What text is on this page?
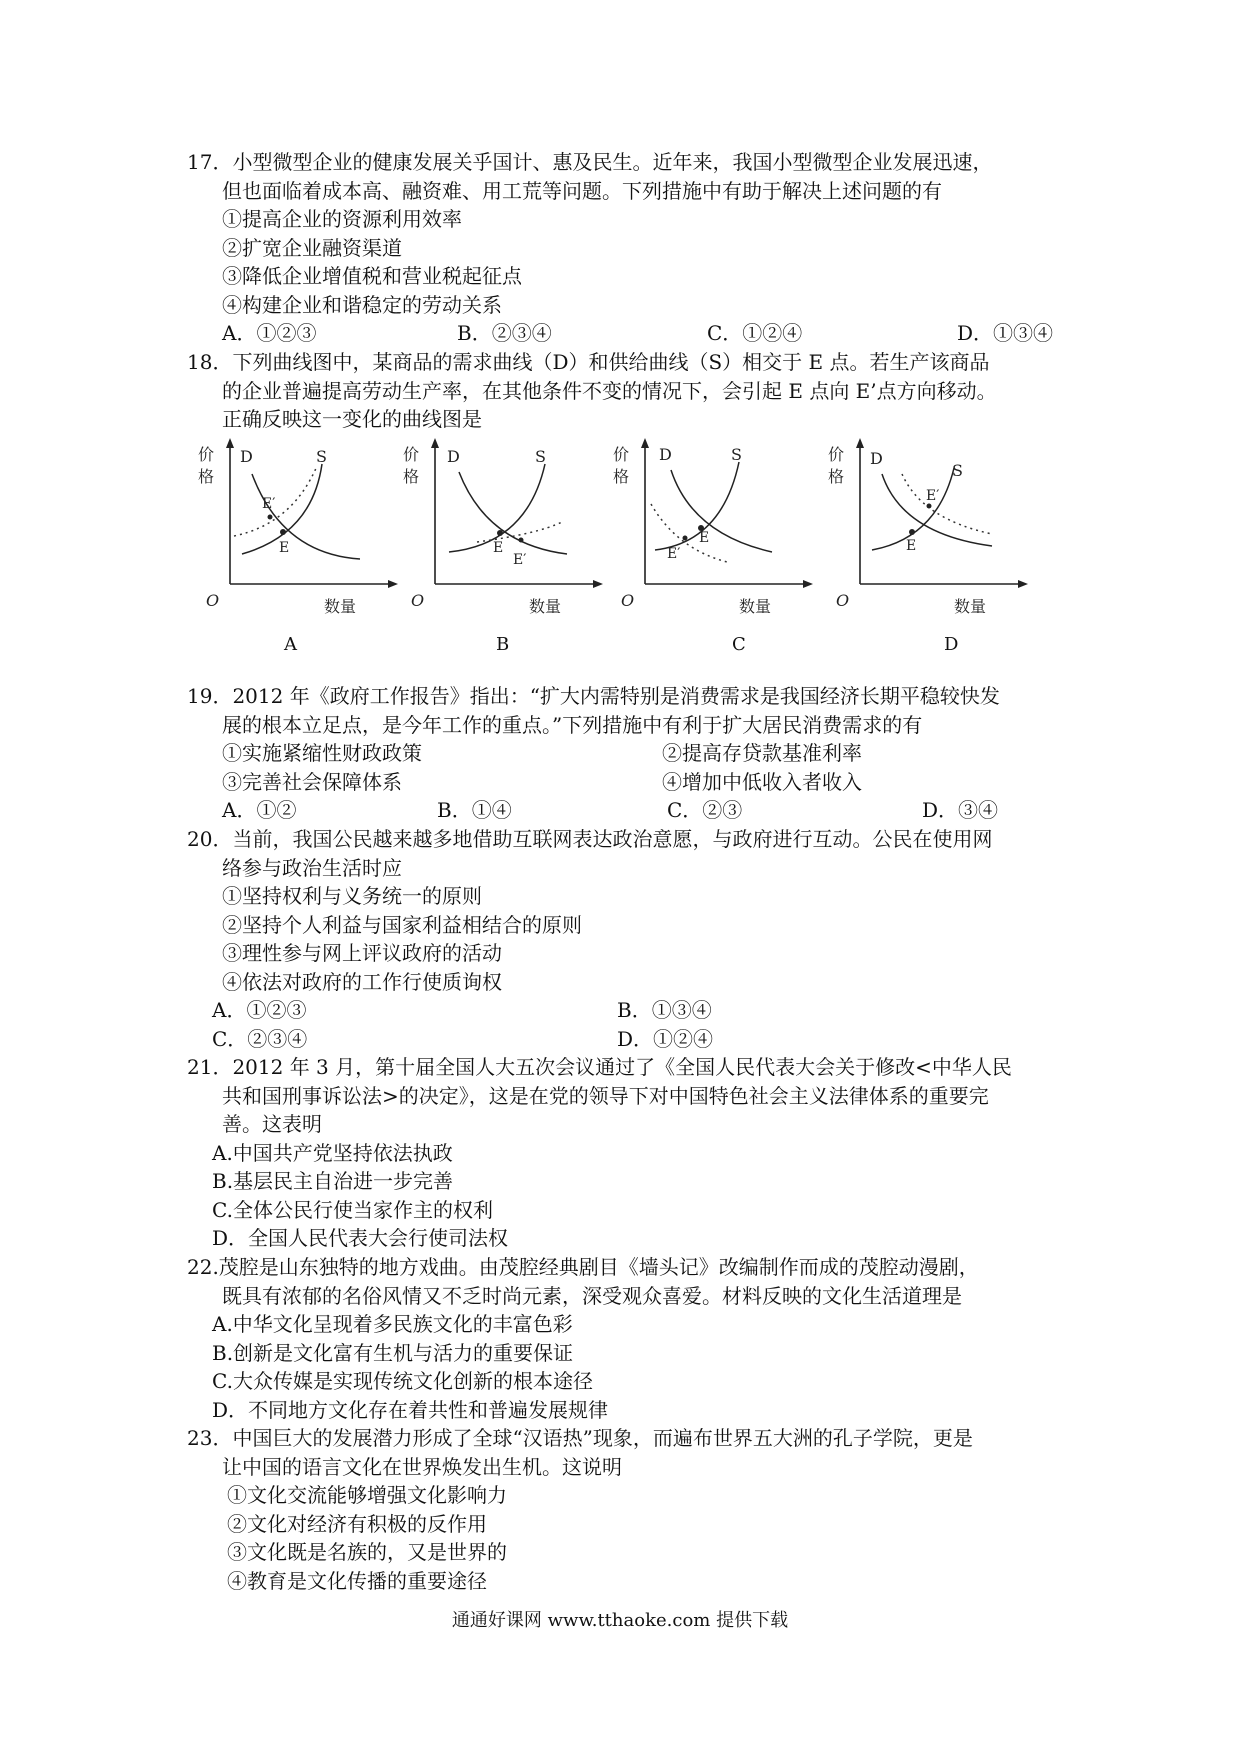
17．小型微型企业的健康发展关乎国计、惠及民生。近年来，我国小型微型企业发展迅速，
但也面临着成本高、融资难、用工荒等问题。下列措施中有助于解决上述问题的有
①提高企业的资源利用效率
②扩宽企业融资渠道
③降低企业增值税和营业税起征点
④构建企业和谐稳定的劳动关系
A．①②③	B．②③④	C．①②④	D．①③④
18．下列曲线图中，某商品的需求曲线（D）和供给曲线（S）相交于 E 点。若生产该商品
的企业普遍提高劳动生产率，在其他条件不变的情况下，会引起 E 点向 E’点方向移动。
正确反映这一变化的曲线图是
价
格
O	数量
D	S
E
E′
A
价
格
O	数量
D	S
E
E′
B
价
格
O	数量
D	S
E
E′
C
价
格
O	数量
D
S
E
E′
D
19．2012 年《政府工作报告》指出：“扩大内需特别是消费需求是我国经济长期平稳较快发
展的根本立足点，是今年工作的重点。”下列措施中有利于扩大居民消费需求的有
①实施紧缩性财政政策	②提高存贷款基准利率
③完善社会保障体系	④增加中低收入者收入
A．①②	B．①④	C．②③	D．③④
20．当前，我国公民越来越多地借助互联网表达政治意愿，与政府进行互动。公民在使用网
络参与政治生活时应
①坚持权利与义务统一的原则
②坚持个人利益与国家利益相结合的原则
③理性参与网上评议政府的活动
④依法对政府的工作行使质询权
A．①②③	B．①③④
C．②③④	D．①②④
21．2012 年 3 月，第十届全国人大五次会议通过了《全国人民代表大会关于修改<中华人民
共和国刑事诉讼法>的决定》，这是在党的领导下对中国特色社会主义法律体系的重要完
善。这表明
A.中国共产党坚持依法执政
B.基层民主自治进一步完善
C.全体公民行使当家作主的权利
D．全国人民代表大会行使司法权
22.茂腔是山东独特的地方戏曲。由茂腔经典剧目《墙头记》改编制作而成的茂腔动漫剧，
既具有浓郁的名俗风情又不乏时尚元素，深受观众喜爱。材料反映的文化生活道理是
A.中华文化呈现着多民族文化的丰富色彩
B.创新是文化富有生机与活力的重要保证
C.大众传媒是实现传统文化创新的根本途径
D．不同地方文化存在着共性和普遍发展规律
23．中国巨大的发展潜力形成了全球“汉语热”现象，而遍布世界五大洲的孔子学院，更是
让中国的语言文化在世界焕发出生机。这说明
①文化交流能够增强文化影响力
②文化对经济有积极的反作用
③文化既是名族的，又是世界的
④教育是文化传播的重要途径
通通好课网 www.tthaoke.com 提供下载
